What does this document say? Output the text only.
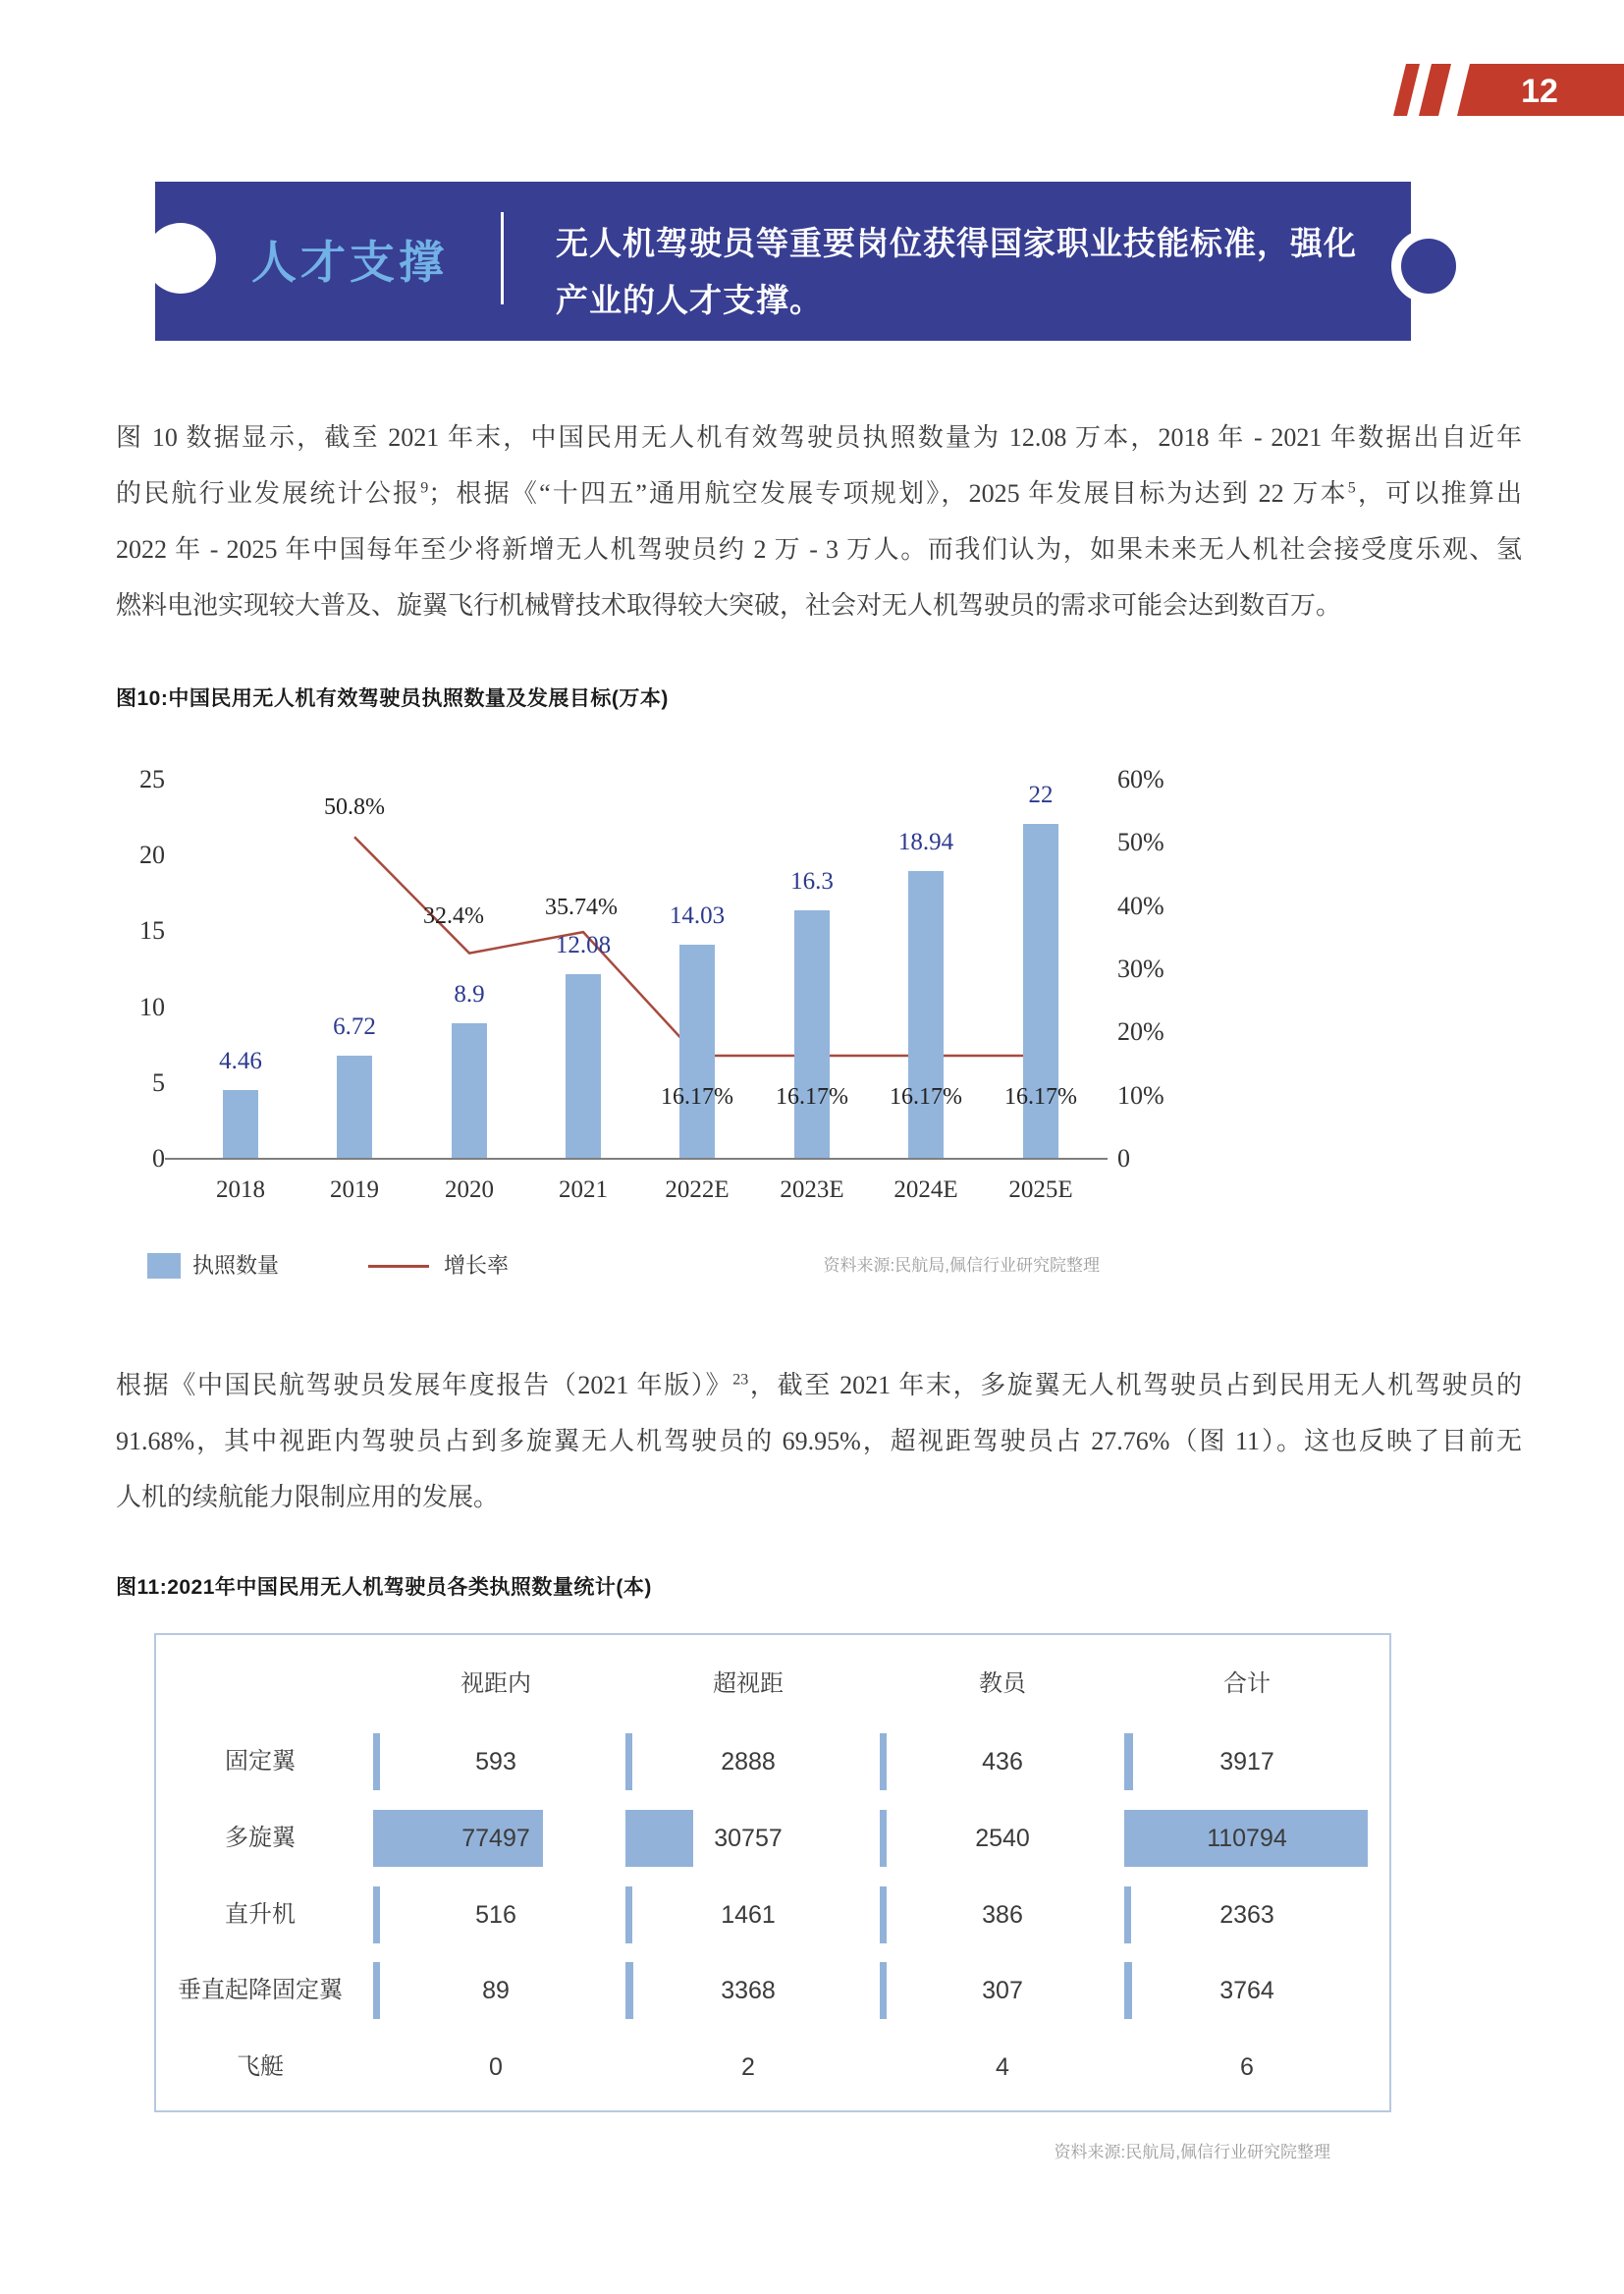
12
人才支撑	无人机驾驶员等重要岗位获得国家职业技能标准，强化
产业的人才支撑。
图 10 数据显示，截至 2021 年末，中国民用无人机有效驾驶员执照数量为 12.08 万本，2018 年 - 2021 年数据出自近年
的民航行业发展统计公报$^9$；根据《“十四五”通用航空发展专项规划》，2025 年发展目标为达到 22 万本$^5$，可以推算出
2022 年 - 2025 年中国每年至少将新增无人机驾驶员约 2 万 - 3 万人。而我们认为，如果未来无人机社会接受度乐观、氢
燃料电池实现较大普及、旋翼飞行机械臂技术取得较大突破，社会对无人机驾驶员的需求可能会达到数百万。
根据《中国民航驾驶员发展年度报告（2021 年版）》$^{23}$，截至 2021 年末，多旋翼无人机驾驶员占到民用无人机驾驶员的
91.68%，其中视距内驾驶员占到多旋翼无人机驾驶员的 69.95%，超视距驾驶员占 27.76%（图 11）。这也反映了目前无
人机的续航能力限制应用的发展。
图10:中国民用无人机有效驾驶员执照数量及发展目标(万本)
执照数量	增长率	资料来源:民航局,佩信行业研究院整理
0
5
10
15
20
25
0
10%
20%
30%
40%
50%
60%
4.46
2018
6.72
2019
8.9
2020
12.08
2021
14.03
2022E
16.3
2023E
18.94
2024E
22
2025E
50.8%
32.4%	35.74%
16.17%	16.17%	16.17%	16.17%
图11:2021年中国民用无人机驾驶员各类执照数量统计(本)
视距内	超视距	教员	合计
固定翼	593	2888	436	3917
多旋翼	77497	30757	2540	110794
直升机	516	1461	386	2363
垂直起降固定翼	89	3368	307	3764
飞艇	0	2	4	6
资料来源:民航局,佩信行业研究院整理
